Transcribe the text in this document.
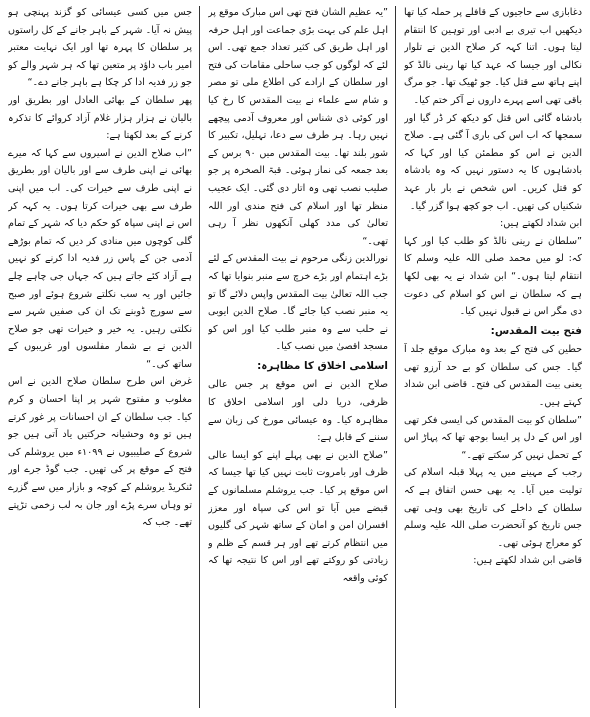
دغابازی سے حاجیوں کے قافلے پر حملہ کیا تھا دیکھیں اب تیری بے ادبی اور توہین کا انتقام لیتا ہوں۔ اتنا کہہ کر صلاح الدین نے تلوار نکالی اور جیسا کہ عہد کیا تھا رینی نالڈ کو اپنے ہاتھ سے قتل کیا۔ جو ٹھیک تھا۔ جو مرگ باقی تھی اسے پہرے داروں نے آکر ختم کیا۔

بادشاہ گائی اس قتل کو دیکھ کر ڈر گیا اور سمجھا کہ اب اس کی باری آ گئی ہے۔ صلاح الدین نے اس کو مطمئن کیا اور کہا کہ بادشاہوں کا یہ دستور نہیں کہ وہ بادشاہ کو قتل کریں۔ اس شخص نے بار بار عہد شکنیاں کی تھیں۔ اب جو کچھ ہوا گزر گیا۔

ابن شداد لکھتے ہیں:

”سلطان نے رینی نالڈ کو طلب کیا اور کہا کہ: لو میں محمد صلی اللہ علیہ وسلم کا انتقام لیتا ہوں۔“ ابن شداد نے یہ بھی لکھا ہے کہ سلطان نے اس کو اسلام کی دعوت دی مگر اس نے قبول نہیں کیا۔

فتح بیت المقدس:

حطین کی فتح کے بعد وہ مبارک موقع جلد آ گیا۔ جس کی سلطان کو بے حد آرزو تھی یعنی بیت المقدس کی فتح۔ قاضی ابن شداد کہتے ہیں۔

”سلطان کو بیت المقدس کی ایسی فکر تھی اور اس کے دل پر ایسا بوجھ تھا کہ پہاڑ اس کے تحمل نہیں کر سکتے تھے۔“

رجب کے مہینے میں یہ پہلا قبلہ اسلام کی تولیت میں آیا۔ یہ بھی حسن اتفاق ہے کہ سلطان کے داخلے کی تاریخ بھی وہی تھی جس تاریخ کو آنحضرت صلی اللہ علیہ وسلم کو معراج ہوئی تھی۔

قاضی ابن شداد لکھتے ہیں:

”یہ عظیم الشان فتح تھی اس مبارک موقع پر اہل علم کی بہت بڑی جماعت اور اہل حرفہ اور اہل طریق کی کثیر تعداد جمع تھی۔ اس لئے کہ لوگوں کو جب ساحلی مقامات کی فتح اور سلطان کے ارادے کی اطلاع ملی تو مصر و شام سے علماء نے بیت المقدس کا رخ کیا اور کوئی ذی شناس اور معروف آدمی پیچھے نہیں رہا۔ ہر طرف سے دعا، تہلیل، تکبیر کا شور بلند تھا۔ بیت المقدس میں ۹۰ برس کے بعد جمعہ کی نماز ہوئی۔ قبۃ الصخرہ پر جو صلیب نصب تھی وہ اتار دی گئی۔ ایک عجیب منظر تھا اور اسلام کی فتح مندی اور اللہ تعالیٰ کی مدد کھلی آنکھوں نظر آ رہی تھی۔“

نورالدین زنگی مرحوم نے بیت المقدس کے لئے بڑے اہتمام اور بڑے خرچ سے منبر بنوایا تھا کہ جب اللہ تعالیٰ بیت المقدس واپس دلائے گا تو یہ منبر نصب کیا جائے گا۔ صلاح الدین ایوبی نے حلب سے وہ منبر طلب کیا اور اس کو مسجد اقصیٰ میں نصب کیا۔

اسلامی اخلاق کا مظاہرہ:

صلاح الدین نے اس موقع پر جس عالی ظرفی، دریا دلی اور اسلامی اخلاق کا مظاہرہ کیا۔ وہ عیسائی مورخ کی زبان سے سننے کے قابل ہے:

”صلاح الدین نے بھی پہلے اپنے کو ایسا عالی ظرف اور بامروت ثابت نہیں کیا تھا جیسا کہ اس موقع پر کیا۔ جب یروشلم مسلمانوں کے قبضے میں آیا تو اس کی سپاہ اور معزز افسران امن و امان کے ساتھ شہر کی گلیوں میں انتظام کرتے تھے اور ہر قسم کے ظلم و زیادتی کو روکتے تھے اور اس کا نتیجہ تھا کہ کوئی واقعہ

جس میں کسی عیسائی کو گزند پہنچی ہو پیش نہ آیا۔ شہر کے باہر جانے کے کل راستوں پر سلطان کا پہرہ تھا اور ایک نہایت معتبر امیر باب داؤد پر متعین تھا کہ ہر شہر والے کو جو زر فدیہ ادا کر چکا ہے باہر جانے دے۔“

پھر سلطان کے بھائی العادل اور بطریق اور بالیان نے ہزار ہزار غلام آزاد کروائے کا تذکرہ کرنے کے بعد لکھتا ہے:

”اب صلاح الدین نے اسیروں سے کہا کہ میرے بھائی نے اپنی طرف سے اور بالیان اور بطریق نے اپنی طرف سے خیرات کی۔ اب میں اپنی طرف سے بھی خیرات کرتا ہوں۔ یہ کہہ کر اس نے اپنی سپاہ کو حکم دیا کہ شہر کے تمام گلی کوچوں میں منادی کر دیں کہ تمام بوڑھے آدمی جن کے پاس زر فدیہ ادا کرنے کو نہیں ہے آزاد کئے جاتے ہیں کہ جہاں جی چاہے چلے جائیں اور یہ سب نکلتے شروع ہوئے اور صبح سے سورج ڈوبنے تک ان کی صفیں شہر سے نکلتی رہیں۔ یہ خیر و خیرات تھی جو صلاح الدین نے بے شمار مفلسوں اور غریبوں کے ساتھ کی۔“

غرض اس طرح سلطان صلاح الدین نے اس مغلوب و مفتوح شہر پر اپنا احسان و کرم کیا۔ جب سلطان کے ان احسانات پر غور کرتے ہیں تو وہ وحشیانہ حرکتیں یاد آتی ہیں جو شروع کے صلیبیوں نے ۱۰۹۹ء میں یروشلم کی فتح کے موقع پر کی تھیں۔ جب گوڈ جرے اور ٹنکریڈ یروشلم کے کوچہ و بازار میں سے گزرے تو وہاں سرے پڑے اور جان بہ لب زخمی تڑپتے تھے۔ جب کہ
